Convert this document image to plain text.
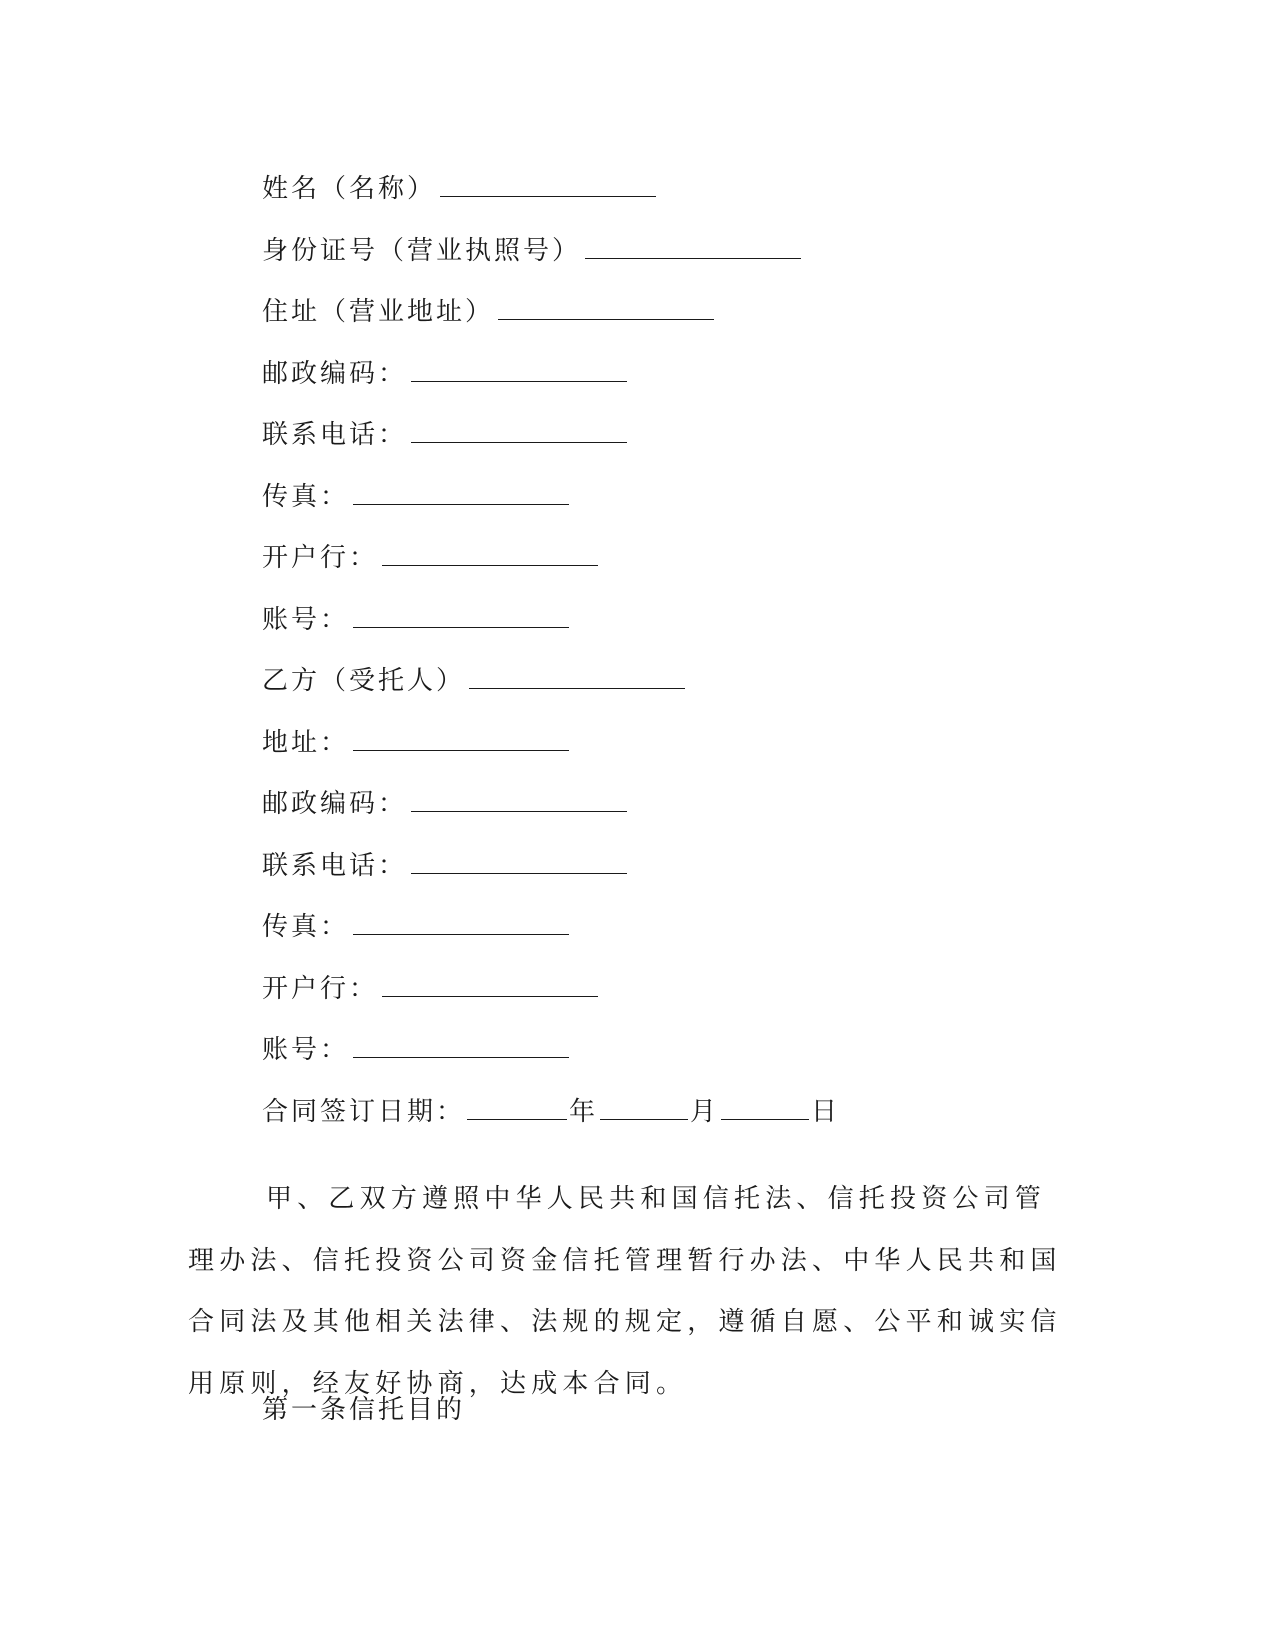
姓名（名称）
身份证号（营业执照号）
住址（营业地址）
邮政编码：
联系电话：
传真：
开户行：
账号：
乙方（受托人）
地址：
邮政编码：
联系电话：
传真：
开户行：
账号：
合同签订日期：	年	月	日

甲、乙双方遵照中华人民共和国信托法、信托投资公司管理办法、信托投资公司资金信托管理暂行办法、中华人民共和国合同法及其他相关法律、法规的规定，遵循自愿、公平和诚实信用原则，经友好协商，达成本合同。

第一条信托目的
